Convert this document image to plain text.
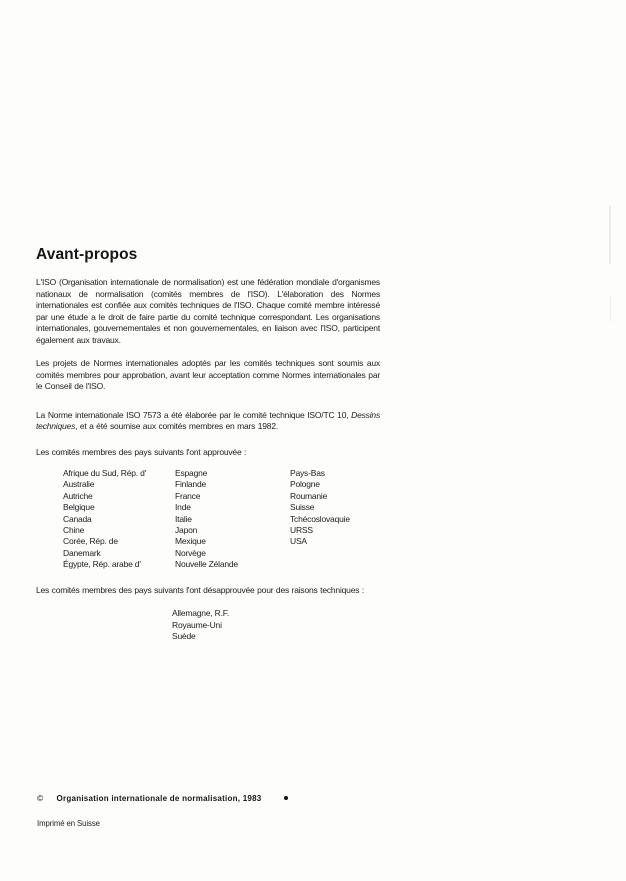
Avant-propos

L'ISO (Organisation internationale de normalisation) est une fédération mondiale d'organismes nationaux de normalisation (comités membres de l'ISO). L'élaboration des Normes internationales est confiée aux comités techniques de l'ISO. Chaque comité membre intéressé par une étude a le droit de faire partie du comité technique correspondant. Les organisations internationales, gouvernementales et non gouvernementales, en liaison avec l'ISO, participent également aux travaux.

Les projets de Normes internationales adoptés par les comités techniques sont soumis aux comités membres pour approbation, avant leur acceptation comme Normes internationales par le Conseil de l'ISO.

La Norme internationale ISO 7573 a été élaborée par le comité technique ISO/TC 10, Dessins techniques, et a été soumise aux comités membres en mars 1982.

Les comités membres des pays suivants l'ont approuvée :

Afrique du Sud, Rép. d'
Australie
Autriche
Belgique
Canada
Chine
Corée, Rép. de
Danemark
Égypte, Rép. arabe d'
Espagne
Finlande
France
Inde
Italie
Japon
Mexique
Norvège
Nouvelle Zélande
Pays-Bas
Pologne
Roumanie
Suisse
Tchécoslovaquie
URSS
USA

Les comités membres des pays suivants l'ont désapprouvée pour des raisons techniques :

Allemagne, R.F.
Royaume-Uni
Suède
© Organisation internationale de normalisation, 1983
Imprimé en Suisse
